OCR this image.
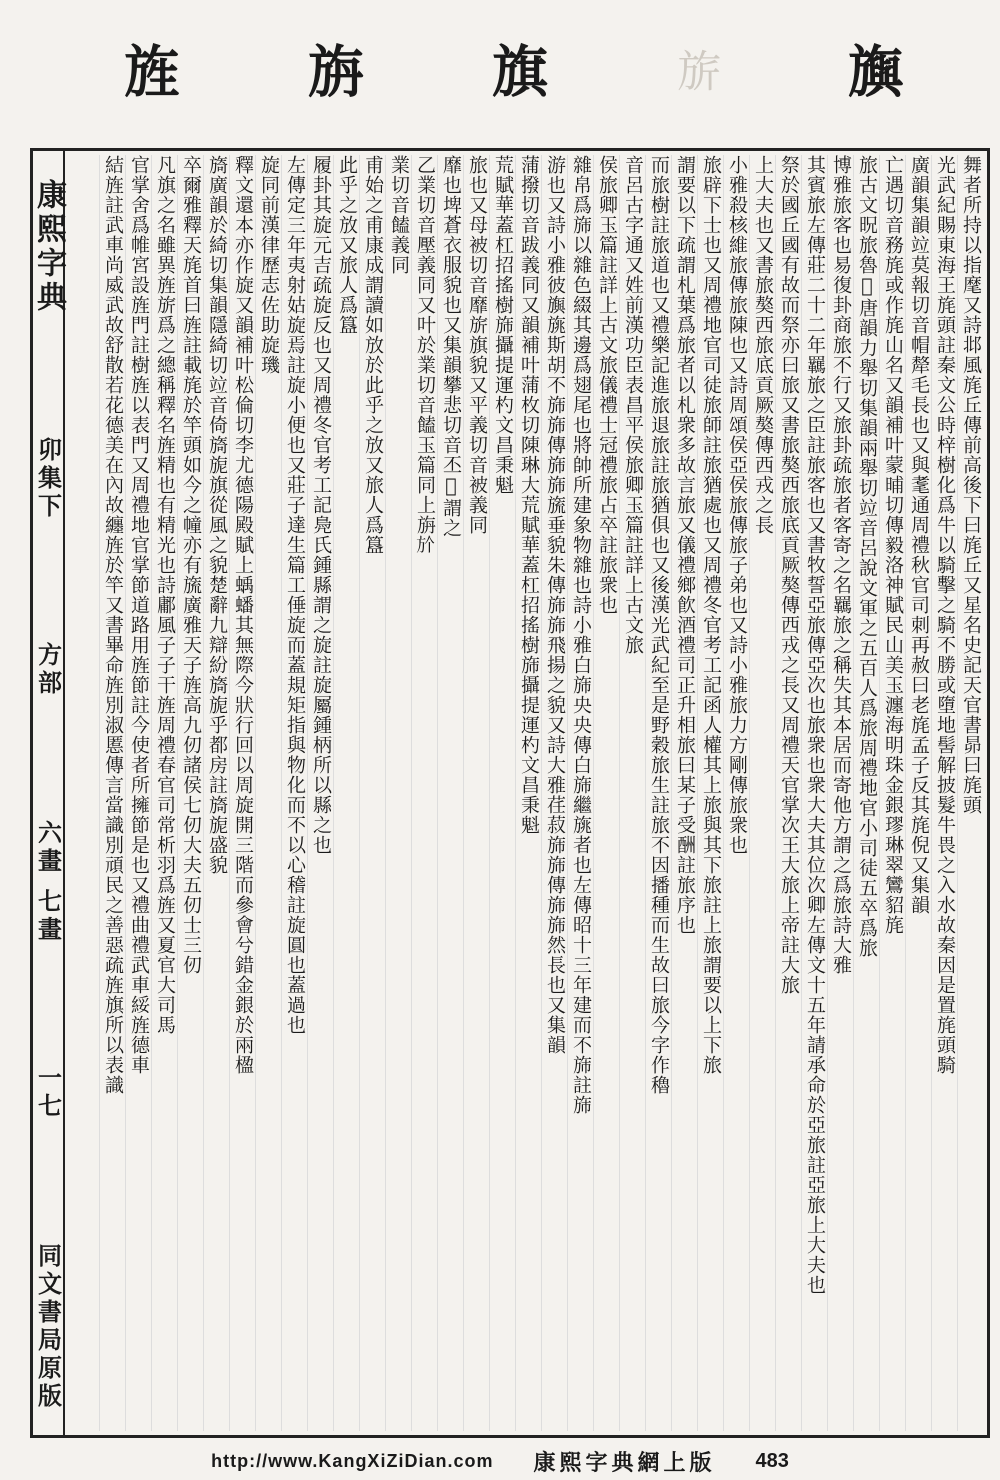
旟
旂
旗
旃
旌
康熙字典
卯集下
方部
六畫 七畫
一七
同文書局原版
舞者所持以指麾又詩邶風旄丘傳前高後下曰旄丘又星名史記天官書昴曰旄頭
光武紀賜東海王旄頭註秦文公時梓樹化爲牛以騎擊之騎不勝或墮地髻解披髮牛畏之入水故秦因是置旄頭騎
廣韻集韻竝莫報切音帽犛毛長也又與耄通周禮秋官司刺再赦曰老旄孟子反其旄倪又集韻
亡遇切音務旄或作旄山名又韻補叶蒙晡切傳毅洛神賦民山美玉瀍海明珠金銀璆琳翠鸞貂旄
旅古文㫛旅魯𣃓唐韻力舉切集韻兩舉切竝音呂說文軍之五百人爲旅周禮地官小司徒五卒爲旅
博雅旅客也易復卦商旅不行又旅卦疏旅者客寄之名羈旅之稱失其本居而寄他方謂之爲旅詩大雅
其賓旅左傳莊二十二年羈旅之臣註旅客也又書牧誓亞旅傳亞次也旅衆也衆大夫其位次卿左傳文十五年請承命於亞旅註亞旅上大夫也
祭於國丘國有故而祭亦曰旅又書旅獒西旅底貢厥獒傳西戎之長又周禮天官掌次王大旅上帝註大旅
上大夫也又書旅獒西旅底貢厥獒傳西戎之長
小雅殺核維旅傳旅陳也又詩周頌侯亞侯旅傳旅子弟也又詩小雅旅力方剛傳旅衆也
旅辟下士也又周禮地官司徒旅師註旅猶處也又周禮冬官考工記函人權其上旅與其下旅註上旅謂要以上下旅
謂要以下疏謂札葉爲旅者以札衆多故言旅又儀禮鄉飮酒禮司正升相旅曰某子受酬註旅序也
而旅樹註旅道也又禮樂記進旅退旅註旅猶俱也又後漢光武紀至是野穀旅生註旅不因播種而生故曰旅今字作穭
音呂古字通又姓前漢功臣表昌平侯旅卿玉篇註詳上古文旅
侯旅卿玉篇註詳上古文旅儀禮士冠禮旅占卒註旅衆也
雜帛爲旆以雜色綴其邊爲翅尾也將帥所建象物雜也詩小雅白旆央央傳白旆繼旐者也左傳昭十三年建而不旆註旆
游也又詩小雅彼旟旐斯胡不旆旆傳旆旆旒垂貌朱傳旆旆飛揚之貌又詩大雅荏菽旆旆傳旆旆然長也又集韻
蒲撥切音跋義同又韻補叶蒲枚切陳琳大荒賦華蓋杠招搖樹旆攝提運杓文昌秉魁
荒賦華蓋杠招搖樹旆攝提運杓文昌秉魁
旅也又母被切音靡旂旗貌又平義切音被義同
靡也埤蒼衣服貌也又集韻攀悲切音丕𪸩謂之
乙業切音壓義同又叶於業切音饁玉篇同上旃𣃘
業切音饁義同
甫始之甫康成謂讀如放於此乎之放又旅人爲簋
此乎之放又旅人爲簋
履卦其旋元吉疏旋反也又周禮冬官考工記鳧氏鍾縣謂之旋註旋屬鍾柄所以縣之也
左傳定三年夷射姑旋焉註旋小便也又莊子達生篇工倕旋而蓋規矩指與物化而不以心稽註旋圓也蓋過也
旋同前漢律歷志佐助旋璣
釋文還本亦作旋又韻補叶松倫切李尤德陽殿賦上蝺蟠其無際今狀行回以周旋開三階而參會兮錯金銀於兩楹
旖廣韻於綺切集韻隱綺切竝音倚旖旎旗從風之貌楚辭九辯紛旖旎乎都房註旖旎盛貌
卒爾雅釋天旄首曰旌註載旄於竿頭如今之幢亦有旒廣雅天子旌高九仞諸侯七仞大夫五仞士三仞
凡旗之名雖異旌旂爲之總稱釋名旌精也有精光也詩鄘風子子干旌周禮春官司常析羽爲旌又夏官大司馬
官掌舍爲帷宮設旌門註樹旌以表門又周禮地官掌節道路用旌節註今使者所擁節是也又禮曲禮武車綏旌德車
結旌註武車尚威武故舒散若花德美在內故纏旌於竿又書畢命旌別淑慝傳言當識別頑民之善惡疏旌旗所以表識
http://www.KangXiZiDian.com 康熙字典網上版 483
